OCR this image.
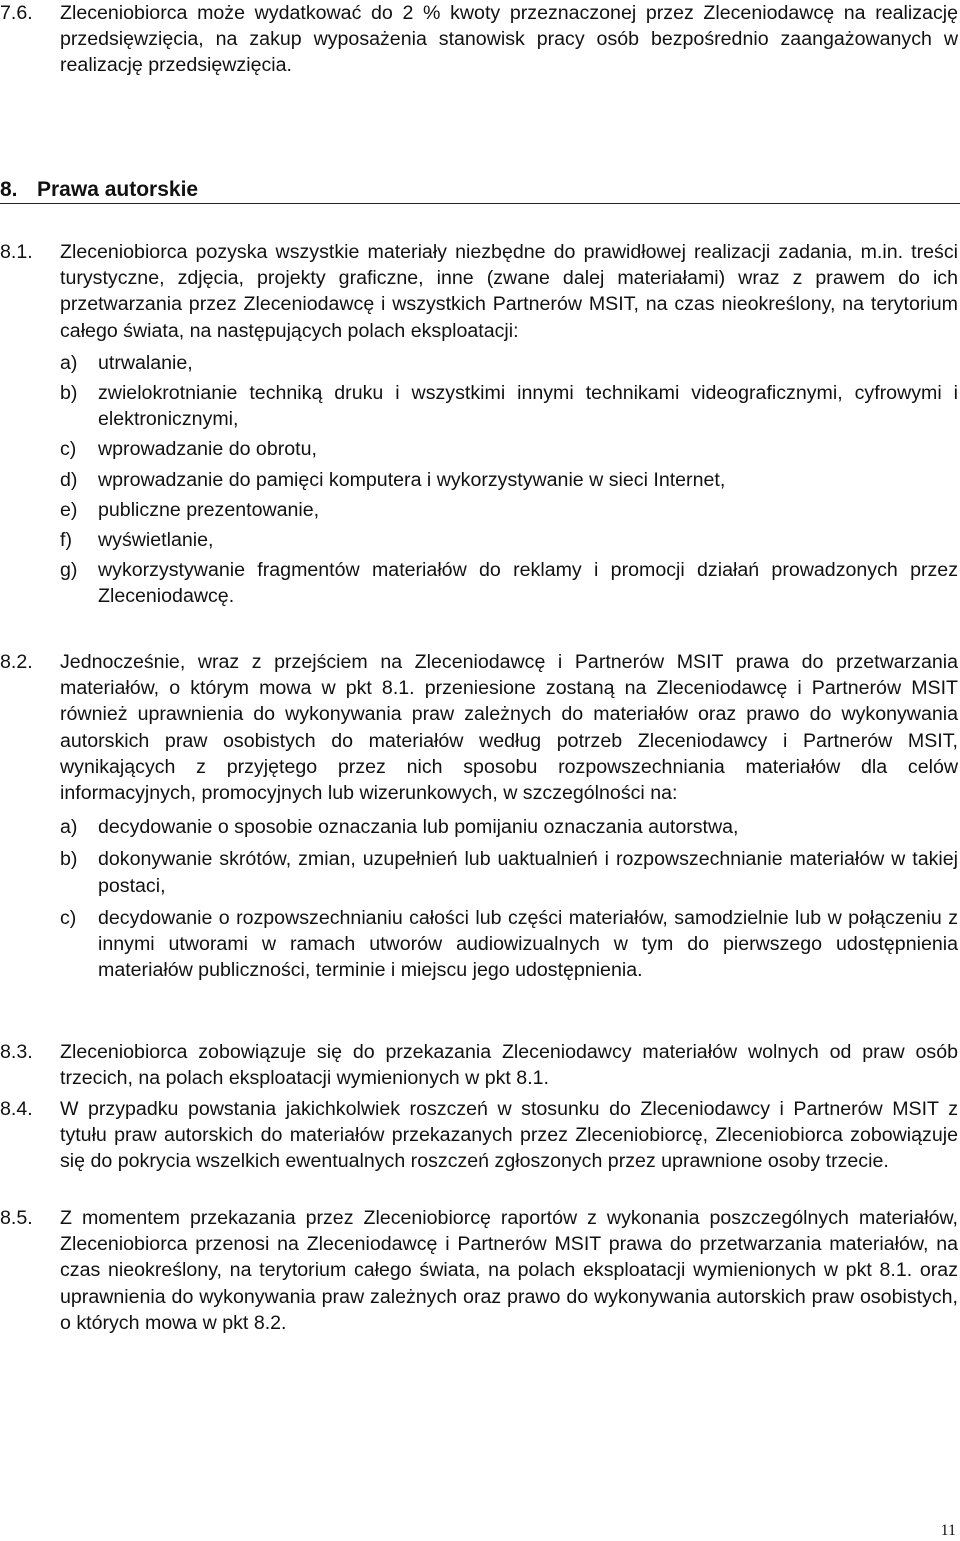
7.6. Zleceniobiorca może wydatkować do 2 % kwoty przeznaczonej przez Zleceniodawcę na realizację przedsięwzięcia, na zakup wyposażenia stanowisk pracy osób bezpośrednio zaangażowanych w realizację przedsięwzięcia.
8. Prawa autorskie
8.1. Zleceniobiorca pozyska wszystkie materiały niezbędne do prawidłowej realizacji zadania, m.in. treści turystyczne, zdjęcia, projekty graficzne, inne (zwane dalej materiałami) wraz z prawem do ich przetwarzania przez Zleceniodawcę i wszystkich Partnerów MSIT, na czas nieokreślony, na terytorium całego świata, na następujących polach eksploatacji:
a) utrwalanie,
b) zwielokrotnianie techniką druku i wszystkimi innymi technikami videograficznymi, cyfrowymi i elektronicznymi,
c) wprowadzanie do obrotu,
d) wprowadzanie do pamięci komputera i wykorzystywanie w sieci Internet,
e) publiczne prezentowanie,
f) wyświetlanie,
g) wykorzystywanie fragmentów materiałów do reklamy i promocji działań prowadzonych przez Zleceniodawcę.
8.2. Jednocześnie, wraz z przejściem na Zleceniodawcę i Partnerów MSIT prawa do przetwarzania materiałów, o którym mowa w pkt 8.1. przeniesione zostaną na Zleceniodawcę i Partnerów MSIT również uprawnienia do wykonywania praw zależnych do materiałów oraz prawo do wykonywania autorskich praw osobistych do materiałów według potrzeb Zleceniodawcy i Partnerów MSIT, wynikających z przyjętego przez nich sposobu rozpowszechniania materiałów dla celów informacyjnych, promocyjnych lub wizerunkowych, w szczególności na:
a) decydowanie o sposobie oznaczania lub pomijaniu oznaczania autorstwa,
b) dokonywanie skrótów, zmian, uzupełnień lub uaktualnień i rozpowszechnianie materiałów w takiej postaci,
c) decydowanie o rozpowszechnianiu całości lub części materiałów, samodzielnie lub w połączeniu z innymi utworami w ramach utworów audiowizualnych w tym do pierwszego udostępnienia materiałów publiczności, terminie i miejscu jego udostępnienia.
8.3. Zleceniobiorca zobowiązuje się do przekazania Zleceniodawcy materiałów wolnych od praw osób trzecich, na polach eksploatacji wymienionych w pkt 8.1.
8.4. W przypadku powstania jakichkolwiek roszczeń w stosunku do Zleceniodawcy i Partnerów MSIT z tytułu praw autorskich do materiałów przekazanych przez Zleceniobiorcę, Zleceniobiorca zobowiązuje się do pokrycia wszelkich ewentualnych roszczeń zgłoszonych przez uprawnione osoby trzecie.
8.5. Z momentem przekazania przez Zleceniobiorcę raportów z wykonania poszczególnych materiałów, Zleceniobiorca przenosi na Zleceniodawcę i Partnerów MSIT prawa do przetwarzania materiałów, na czas nieokreślony, na terytorium całego świata, na polach eksploatacji wymienionych w pkt 8.1. oraz uprawnienia do wykonywania praw zależnych oraz prawo do wykonywania autorskich praw osobistych, o których mowa w pkt 8.2.
11
